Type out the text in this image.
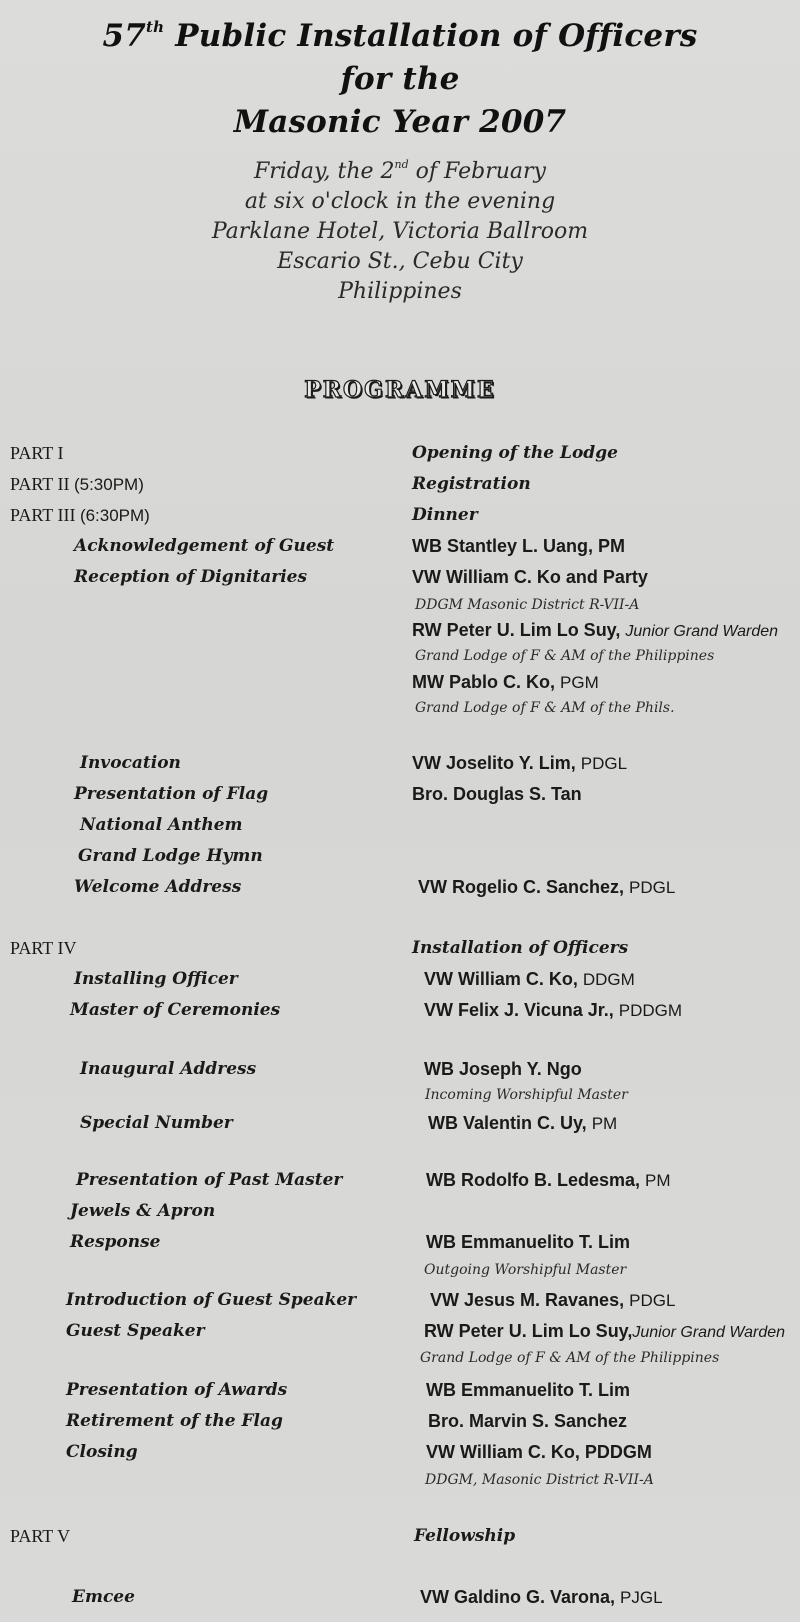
57th Public Installation of Officers
for the
Masonic Year 2007
Friday, the 2nd of February
at six o'clock in the evening
Parklane Hotel, Victoria Ballroom
Escario St., Cebu City
Philippines
PROGRAMME
PART I	Opening of the Lodge
PART II (5:30PM)	Registration
PART III (6:30PM)	Dinner
Acknowledgement of Guest	WB Stantley L. Uang, PM
Reception of Dignitaries	VW William C. Ko and Party
DDGM Masonic District R-VII-A
RW Peter U. Lim Lo Suy, Junior Grand Warden
Grand Lodge of F & AM of the Philippines
MW Pablo C. Ko, PGM
Grand Lodge of F & AM of the Phils.
Invocation	VW Joselito Y. Lim, PDGL
Presentation of Flag	Bro. Douglas S. Tan
National Anthem
Grand Lodge Hymn
Welcome Address	VW Rogelio C. Sanchez, PDGL
PART IV	Installation of Officers
Installing Officer	VW William C. Ko, DDGM
Master of Ceremonies	VW Felix J. Vicuna Jr., PDDGM
Inaugural Address	WB Joseph Y. Ngo
Incoming Worshipful Master
Special Number	WB Valentin C. Uy, PM
Presentation of Past Master	WB Rodolfo B. Ledesma, PM
Jewels & Apron
Response	WB Emmanuelito T. Lim
Outgoing Worshipful Master
Introduction of Guest Speaker	VW Jesus M. Ravanes, PDGL
Guest Speaker	RW Peter U. Lim Lo Suy,Junior Grand Warden
Grand Lodge of F & AM of the Philippines
Presentation of Awards	WB Emmanuelito T. Lim
Retirement of the Flag	Bro. Marvin S. Sanchez
Closing	VW William C. Ko, PDDGM
DDGM, Masonic District R-VII-A
PART V	Fellowship
Emcee	VW Galdino G. Varona, PJGL
